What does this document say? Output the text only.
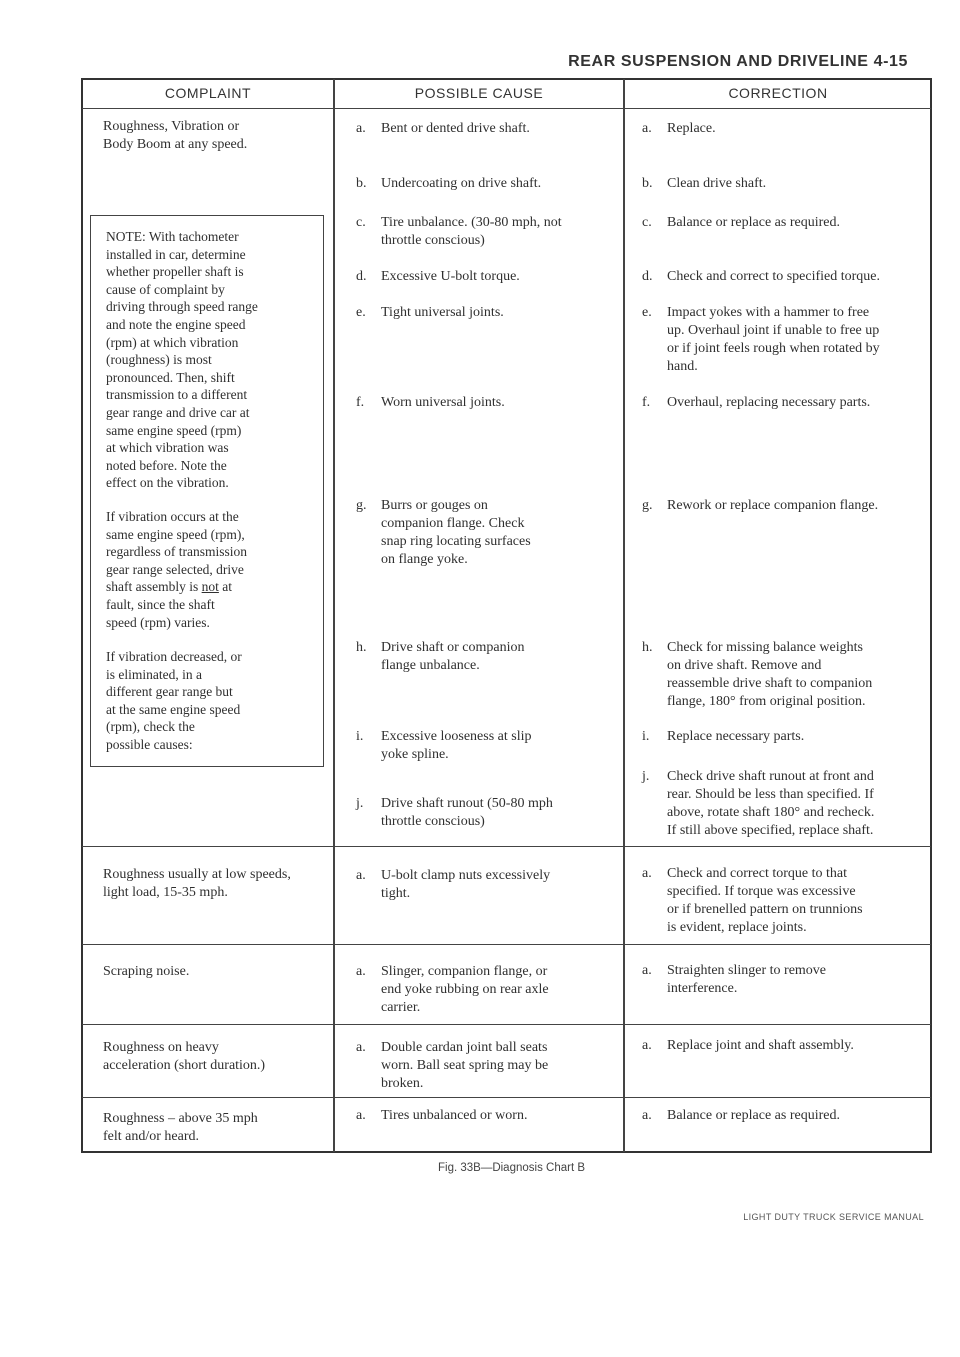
REAR SUSPENSION AND DRIVELINE 4-15
COMPLAINT	POSSIBLE CAUSE	CORRECTION
Roughness, Vibration or
Body Boom at any speed.
Roughness usually at low speeds,
light load, 15-35 mph.
Scraping noise.
Roughness on heavy
acceleration (short duration.)
Roughness – above 35 mph
felt and/or heard.

NOTE: With tachometer
installed in car, determine
whether propeller shaft is
cause of complaint by
driving through speed range
and note the engine speed
(rpm) at which vibration
(roughness) is most
pronounced. Then, shift
transmission to a different
gear range and drive car at
same engine speed (rpm)
at which vibration was
noted before. Note the
effect on the vibration.

If vibration occurs at the
same engine speed (rpm),
regardless of transmission
gear range selected, drive
shaft assembly is not at
fault, since the shaft
speed (rpm) varies.

If vibration decreased, or
is eliminated, in a
different gear range but
at the same engine speed
(rpm), check the
possible causes:

a. Bent or dented drive shaft.
b. Undercoating on drive shaft.
c. Tire unbalance. (30-80 mph, not
throttle conscious)
d. Excessive U-bolt torque.
e. Tight universal joints.
f. Worn universal joints.
g. Burrs or gouges on
companion flange. Check
snap ring locating surfaces
on flange yoke.
h. Drive shaft or companion
flange unbalance.
i. Excessive looseness at slip
yoke spline.
j. Drive shaft runout (50-80 mph
throttle conscious)
a. U-bolt clamp nuts excessively
tight.
a. Slinger, companion flange, or
end yoke rubbing on rear axle
carrier.
a. Double cardan joint ball seats
worn. Ball seat spring may be
broken.
a. Tires unbalanced or worn.
a. Replace.
b. Clean drive shaft.
c. Balance or replace as required.
d. Check and correct to specified torque.
e. Impact yokes with a hammer to free
up. Overhaul joint if unable to free up
or if joint feels rough when rotated by
hand.
f. Overhaul, replacing necessary parts.
g. Rework or replace companion flange.
h. Check for missing balance weights
on drive shaft. Remove and
reassemble drive shaft to companion
flange, 180° from original position.
i. Replace necessary parts.
j. Check drive shaft runout at front and
rear. Should be less than specified. If
above, rotate shaft 180° and recheck.
If still above specified, replace shaft.
a. Check and correct torque to that
specified. If torque was excessive
or if brenelled pattern on trunnions
is evident, replace joints.
a. Straighten slinger to remove
interference.
a. Replace joint and shaft assembly.
a. Balance or replace as required.
Fig. 33B—Diagnosis Chart B
LIGHT DUTY TRUCK SERVICE MANUAL
